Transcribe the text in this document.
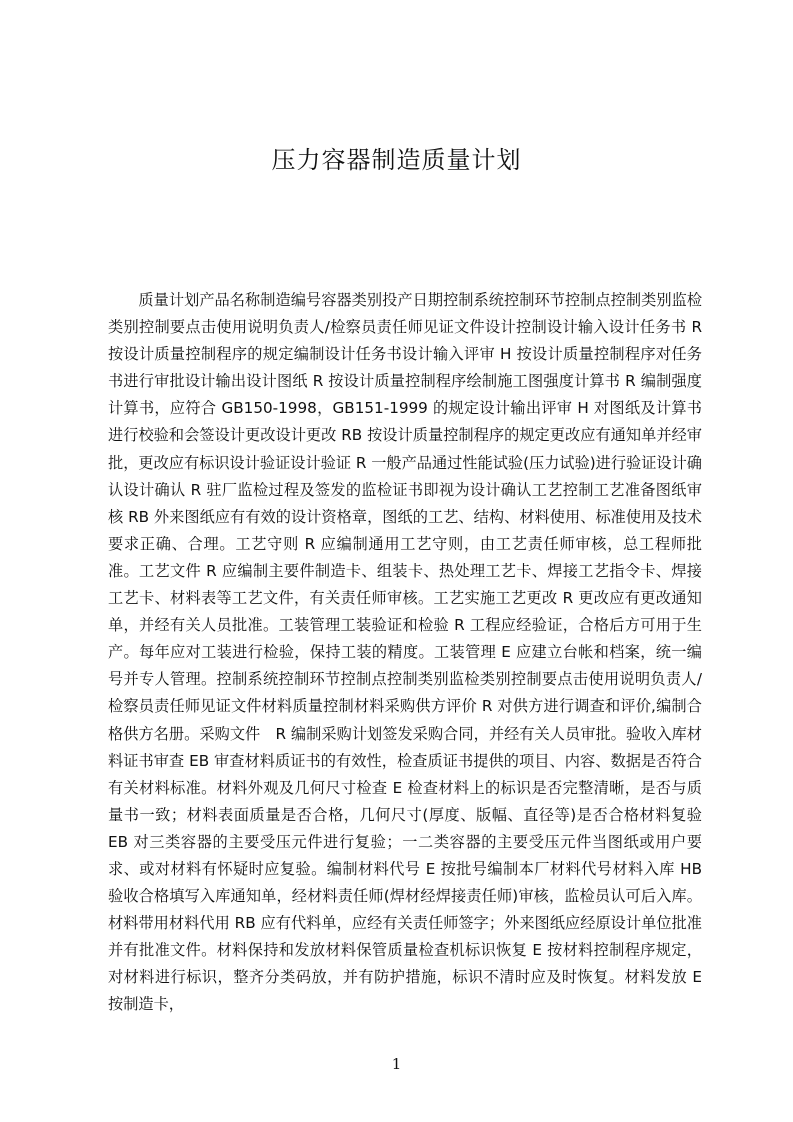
压力容器制造质量计划

质量计划产品名称制造编号容器类别投产日期控制系统控制环节控制点控制类别监检类别控制要点击使用说明负责人/检察员责任师见证文件设计控制设计输入设计任务书 R 按设计质量控制程序的规定编制设计任务书设计输入评审 H 按设计质量控制程序对任务书进行审批设计输出设计图纸 R 按设计质量控制程序绘制施工图强度计算书 R 编制强度计算书，应符合 GB150-1998，GB151-1999 的规定设计输出评审 H 对图纸及计算书进行校验和会签设计更改设计更改 RB 按设计质量控制程序的规定更改应有通知单并经审批，更改应有标识设计验证设计验证 R 一般产品通过性能试验(压力试验)进行验证设计确认设计确认 R 驻厂监检过程及签发的监检证书即视为设计确认工艺控制工艺准备图纸审核 RB 外来图纸应有有效的设计资格章，图纸的工艺、结构、材料使用、标准使用及技术要求正确、合理。工艺守则 R 应编制通用工艺守则，由工艺责任师审核，总工程师批准。工艺文件 R 应编制主要件制造卡、组装卡、热处理工艺卡、焊接工艺指令卡、焊接工艺卡、材料表等工艺文件，有关责任师审核。工艺实施工艺更改 R 更改应有更改通知单，并经有关人员批准。工装管理工装验证和检验 R 工程应经验证，合格后方可用于生产。每年应对工装进行检验，保持工装的精度。工装管理 E 应建立台帐和档案，统一编号并专人管理。控制系统控制环节控制点控制类别监检类别控制要点击使用说明负责人/检察员责任师见证文件材料质量控制材料采购供方评价 R 对供方进行调查和评价,编制合格供方名册。采购文件　R 编制采购计划签发采购合同，并经有关人员审批。验收入库材料证书审查 EB 审查材料质证书的有效性，检查质证书提供的项目、内容、数据是否符合有关材料标准。材料外观及几何尺寸检查 E 检查材料上的标识是否完整清晰，是否与质量书一致；材料表面质量是否合格，几何尺寸(厚度、版幅、直径等)是否合格材料复验 EB 对三类容器的主要受压元件进行复验；一二类容器的主要受压元件当图纸或用户要求、或对材料有怀疑时应复验。编制材料代号 E 按批号编制本厂材料代号材料入库 HB 验收合格填写入库通知单，经材料责任师(焊材经焊接责任师)审核，监检员认可后入库。材料带用材料代用 RB 应有代料单，应经有关责任师签字；外来图纸应经原设计单位批准并有批准文件。材料保持和发放材料保管质量检查机标识恢复 E 按材料控制程序规定，对材料进行标识，整齐分类码放，并有防护措施，标识不清时应及时恢复。材料发放 E 按制造卡，

1
